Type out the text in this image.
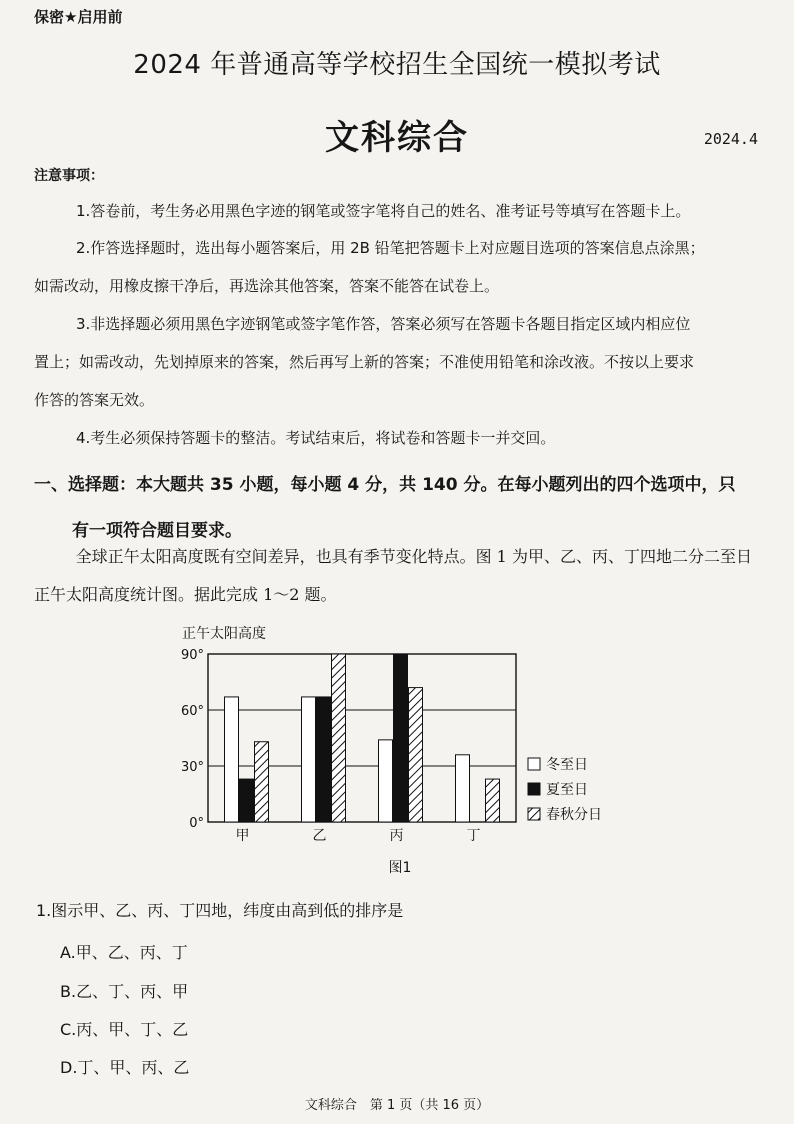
保密★启用前
2024 年普通高等学校招生全国统一模拟考试
文科综合	2024.4
注意事项：
1.答卷前，考生务必用黑色字迹的钢笔或签字笔将自己的姓名、准考证号等填写在答题卡上。
2.作答选择题时，选出每小题答案后，用 2B 铅笔把答题卡上对应题目选项的答案信息点涂黑；
如需改动，用橡皮擦干净后，再选涂其他答案，答案不能答在试卷上。
3.非选择题必须用黑色字迹钢笔或签字笔作答，答案必须写在答题卡各题目指定区域内相应位
置上；如需改动，先划掉原来的答案，然后再写上新的答案；不准使用铅笔和涂改液。不按以上要求
作答的答案无效。
4.考生必须保持答题卡的整洁。考试结束后，将试卷和答题卡一并交回。
一、选择题：本大题共 35 小题，每小题 4 分，共 140 分。在每小题列出的四个选项中，只
有一项符合题目要求。
全球正午太阳高度既有空间差异，也具有季节变化特点。图 1 为甲、乙、丙、丁四地二分二至日正午太阳高度统计图。据此完成 1～2 题。
正午太阳高度
0°
30°
60°
90°
甲	乙	丙	丁
冬至日
夏至日
春秋分日
图1
1.图示甲、乙、丙、丁四地，纬度由高到低的排序是
A.甲、乙、丙、丁
B.乙、丁、丙、甲
C.丙、甲、丁、乙
D.丁、甲、丙、乙
文科综合　第 1 页（共 16 页）
